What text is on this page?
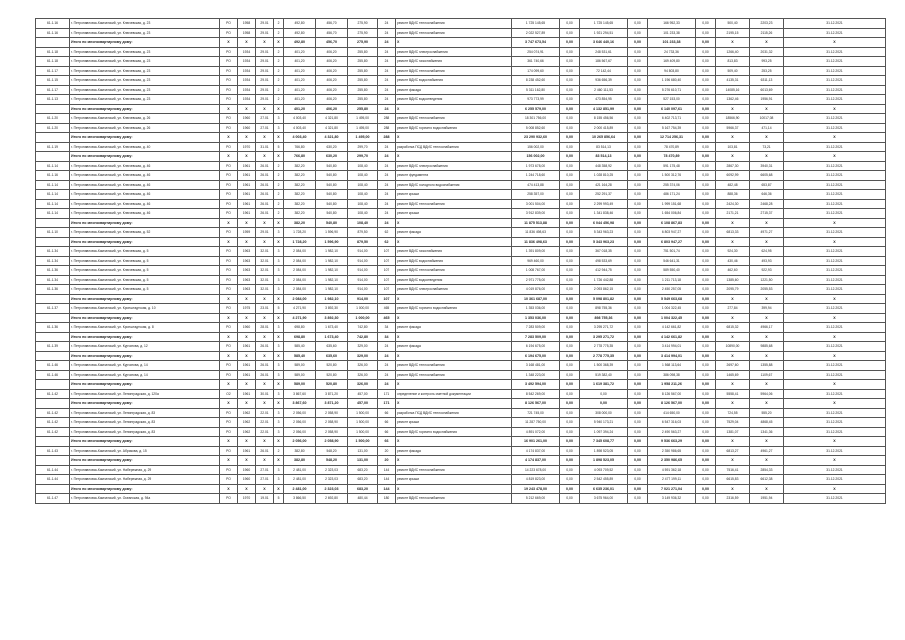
61.1.16	г. Петропавловск-Камчатский, ул. Ключевская, д. 23	РО	1958	29.01	2	492,80	456,70	275,90	24	ремонт ВДИС теплоснабжения	1 725 145,65	0,00	1 725 145,65	0,00	166 952,33	0,00	500,40	2203,23	31.12.2021
61.1.16	г. Петропавловск-Камчатский, ул. Ключевская, д. 23	РО	1958	29.01	2	492,80	456,70	275,90	24	ремонт ВДИС теплоснабжения	2 022 527,89	0,00	1 921 294,51	0,00	101 233,38	0,00	2195,15	2115,26	31.12.2021
	Итого по многоквартирному дому:	Х	Х	Х	Х	492,80	456,70	275,90	24	Х	3 747 673,54	0,00	3 646 440,16	0,00	101 233,38	0,00	Х	Х	Х
61.1.18	г. Петропавловск-Камчатский, ул. Ключевская, д. 23	РО	1934	29.01	2	401,20	406,20	255,80	24	ремонт ВДИС электроснабжения	254 074,91	0,00	248 531,61	0,00	24 733,36	0,00	1266,40	2031,32	31.12.2021
61.1.18	г. Петропавловск-Камчатский, ул. Ключевская, д. 23	РО	1934	29.01	2	401,20	406,20	255,80	24	ремонт ВДИС газоснабжения	361 740,66	0,00	186 567,67	0,00	169 409,80	0,00	813,83	993,25	31.12.2021
61.1.17	г. Петропавловск-Камчатский, ул. Ключевская, д. 23	РО	1934	29.01	2	401,20	406,20	255,80	24	ремонт ВДИС теплоснабжения	174 099,60	0,00	72 142,44	0,00	94 803,80	0,00	509,40	253,25	31.12.2021
61.1.15	г. Петропавловск-Камчатский, ул. Ключевская, д. 23	РО	1934	29.01	2	401,20	406,20	255,80	24	ремонт ВДИС водоснабжения	8 238 452,60	0,00	936 656,39	0,00	1 196 680,40	0,00	4135,31	6311,13	31.12.2021
61.1.17	г. Петропавловск-Камчатский, ул. Ключевская, д. 23	РО	1934	29.01	2	401,20	406,20	255,80	24	ремонт фасада	5 311 162,80	0,00	2 460 111,53	0,00	5 276 610,71	0,00	14085,16	6013,69	31.12.2021
61.1.13	г. Петропавловск-Камчатский, ул. Ключевская, д. 23	РО	1934	29.01	2	401,20	406,20	255,80	24	ремонт ВДИС водоотведения	973 773,99	0,00	473 854,95	0,00	527 153,00	0,00	1362,46	1956,91	31.12.2021
	Итого по многоквартирному дому:	Х	Х	Х	Х	401,20	406,20	255,80	24	Х	6 255 579,00	0,00	4 132 851,99	0,00	6 140 097,61	0,00	Х	Х	Х
61.1.20	г. Петропавловск-Камчатский, ул. Ключевская, д. 26	РО	1960	27.01	3	4 003,40	4 321,80	1 495,00	288	ремонт ВДИС теплоснабжения	18 301 756,00	0,00	8 155 456,56	0,00	6 402 713,71	0,00	18566,90	10017,08	31.12.2021
61.1.20	г. Петропавловск-Камчатский, ул. Ключевская, д. 26	РО	1960	27.01	3	4 003,40	4 321,80	1 495,00	288	ремонт ВДИС горячего водоснабжения	5 008 852,60	0,00	2 000 415,89	0,00	5 167 754,39	0,00	5966,37	471,14	31.12.2021
	Итого по многоквартирному дому:	Х	Х	Х	Х	4 003,40	4 321,80	1 495,00	288	Х	23 290 932,60	0,00	10 265 856,64	0,00	12 714 256,31	0,00	Х	Х	Х
61.1.19	г. Петропавловск-Камчатский, ул. Ключевская, д. 40	РО	1970	31.01	5	766,80	630,20	299,70	24	разработка ПСД ВДИС теплоснабжения	156 002,00	0,00	83 514,13	0,00	78 470,89	0,00	103,81	73,21	31.12.2021
	Итого по многоквартирному дому:	Х	Х	Х	Х	766,80	630,20	299,70	24	Х	156 002,00	0,00	83 514,13	0,00	78 470,89	0,00	Х	Х	Х
61.1.14	г. Петропавловск-Камчатский, ул. Ключевская, д. 46	РО	1961	26.01	2	382,20	540,80	108,40	24	ремонт ВДИС электроснабжения	1 973 678,00	0,00	448 358,92	0,00	591 175,48	0,00	2867,30	3940,31	31.12.2021
61.1.16	г. Петропавловск-Камчатский, ул. Ключевская, д. 46	РО	1961	26.01	2	382,20	540,80	108,40	24	ремонт фундамента	1 244 718,60	0,00	1 028 810,25	0,00	1 500 312,76	0,00	6092,99	6605,68	31.12.2021
61.1.14	г. Петропавловск-Камчатский, ул. Ключевская, д. 46	РО	1961	26.01	2	382,20	540,80	108,40	24	ремонт ВДИС холодного водоснабжения	474 413,88	0,00	421 164,28	0,00	255 374,06	0,00	482,48	653,87	31.12.2021
61.1.14	г. Петропавловск-Камчатский, ул. Ключевская, д. 46	РО	1961	26.01	2	382,20	540,80	108,40	24	ремонт крыши	258 357,00	0,00	252 291,37	0,00	486 171,24	0,00	888,36	646,36	31.12.2021
61.1.14	г. Петропавловск-Камчатский, ул. Ключевская, д. 46	РО	1961	26.01	2	382,20	540,80	108,40	24	ремонт ВДИС теплоснабжения	3 001 504,00	0,00	2 299 993,49	0,00	1 999 151,68	0,00	2424,30	2468,28	31.12.2021
61.1.14	г. Петропавловск-Камчатский, ул. Ключевская, д. 46	РО	1961	26.01	2	382,20	540,80	108,40	24	ремонт крыши	3 912 839,00	0,00	1 341 838,46	0,00	1 654 006,84	0,00	2171,21	2715,37	31.12.2021
	Итого по многоквартирному дому:	Х	Х	Х	Х	382,20	540,80	108,40	24	Х	11 875 513,88	0,00	6 044 456,98	0,00	6 108 867,83	0,00	Х	Х	Х
61.1.10	г. Петропавловск-Камчатский, ул. Ключевская, д. 52	РО	1959	29.01	3	1 728,20	1 596,90	879,50	62	ремонт фасада	11 836 498,63	0,00	5 343 963,23	0,00	6 803 947,27	0,00	6813,33	4971,27	31.12.2021
	Итого по многоквартирному дому:	Х	Х	Х	Х	1 728,20	1 596,90	879,50	62	Х	11 836 498,63	0,00	5 343 963,23	0,00	6 803 947,27	0,00	Х	Х	Х
61.1.34	г. Петропавловск-Камчатский, ул. Ключевская, д. 5	РО	1963	32.01	3	2 084,00	1 982,10	914,00	107	ремонт ВДИС газоснабжения	1 391 809,00	0,00	367 018,35	0,00	751 501,74	0,00	924,30	624,95	31.12.2021
61.1.34	г. Петропавловск-Камчатский, ул. Ключевская, д. 5	РО	1963	32.01	3	2 084,00	1 982,10	914,00	107	ремонт ВДИС водоснабжения	969 460,00	0,00	498 533,69	0,00	546 641,31	0,00	430,46	493,93	31.12.2021
61.1.36	г. Петропавловск-Камчатский, ул. Ключевская, д. 5	РО	1963	32.01	3	2 084,00	1 982,10	914,00	107	ремонт ВДИС теплоснабжения	1 008 767,00	0,00	412 944,75	0,00	589 550,40	0,00	462,60	922,93	31.12.2021
61.1.34	г. Петропавловск-Камчатский, ул. Ключевская, д. 5	РО	1963	32.01	3	2 084,00	1 982,10	914,00	107	ремонт ВДИС водоотведения	2 971 775,00	0,00	1 726 442,88	0,00	1 211 713,18	0,00	1385,60	1221,50	31.12.2021
61.1.36	г. Петропавловск-Камчатский, ул. Ключевская, д. 5	РО	1963	32.01	3	2 084,00	1 982,10	914,00	107	ремонт ВДИС электроснабжения	4 019 876,00	0,00	2 093 862,15	0,00	2 450 257,05	0,00	2095,79	2055,53	31.12.2021
	Итого по многоквартирному дому:	Х	Х	Х	Х	2 084,00	1 982,10	914,00	107	Х	10 361 687,00	0,00	5 098 801,82	0,00	5 549 663,68	0,00	Х	Х	Х
61.1.37	г. Петропавловск-Камчатский, ул. Кронштадтская, д. 10	РО	1975	23.01	5	4 271,90	3 892,30	1 000,00	465	ремонт ВДИС горячего водоснабжения	1 353 036,00	0,00	898 755,36	0,00	1 004 322,45	0,00	277,84	399,94	31.12.2021
	Итого по многоквартирному дому:	Х	Х	Х	Х	4 271,90	3 892,30	1 000,00	465	Х	1 353 036,00	0,00	898 755,36	0,00	1 004 322,45	0,00	Х	Х	Х
61.1.36	г. Петропавловск-Камчатский, ул. Кронштадтская, д. 8	РО	1960	28.01	3	698,80	1 673,40	742,80	34	ремонт фасада	7 283 509,00	0,00	3 295 271,72	0,00	4 142 661,82	0,00	6815,32	4966,17	31.12.2021
	Итого по многоквартирному дому:	Х	Х	Х	Х	698,80	1 673,40	742,80	34	Х	7 283 509,00	0,00	3 295 271,72	0,00	4 142 661,82	0,00	Х	Х	Х
61.1.39	г. Петропавловск-Камчатский, ул. Курчатова, д. 12	РО	1961	26.01	3	585,40	635,60	329,00	24	ремонт фасада	6 194 675,00	0,00	2 778 775,35	0,00	3 414 994,01	0,00	10890,00	9885,68	31.12.2021
	Итого по многоквартирному дому:	Х	Х	Х	Х	585,40	635,60	329,00	24	Х	6 194 675,00	0,00	2 778 775,35	0,00	3 414 994,01	0,00	Х	Х	Х
61.1.46	г. Петропавловск-Камчатский, ул. Курчатова, д. 14	РО	1961	26.01	3	589,00	520,80	326,00	24	ремонт ВДИС теплоснабжения	3 168 481,00	0,00	1 500 368,39	0,00	1 568 113,64	0,00	2697,60	1355,88	31.12.2021
61.1.46	г. Петропавловск-Камчатский, ул. Курчатова, д. 14	РО	1961	26.01	3	589,00	520,80	326,00	24	ремонт ВДИС теплоснабжения	1 348 223,00	0,00	519 382,40	0,00	386 098,38	0,00	1465,69	1109,67	31.12.2021
	Итого по многоквартирному дому:	Х	Х	Х	Х	589,00	520,80	326,00	24	Х	3 492 594,00	0,00	1 619 381,72	0,00	1 958 211,26	0,00	Х	Х	Х
61.1.42	г. Петропавловск-Камчатский, ул. Ленинградская, д. 120а	О2	1961	30.01	3	3 867,60	3 871,20	457,00	171	определение и контроль сметной документации	8 542 269,00	0,00	0,00	0,00	8 126 567,00	0,00	5558,41	5964,06	31.12.2021
	Итого по многоквартирному дому:	Х	Х	Х	Х	3 867,60	3 871,20	457,00	171	Х	8 126 567,00	0,00	0,00	0,00	8 126 567,00	0,00	Х	Х	Х
61.1.42	г. Петропавловск-Камчатский, ул. Ленинградская, д. 83	РО	1962	22.01	3	2 056,00	2 058,90	1 500,00	66	разработка ПСД ВДИС теплоснабжения	721 745,00	0,00	308 000,00	0,00	414 650,00	0,00	724,55	555,20	31.12.2021
61.1.42	г. Петропавловск-Камчатский, ул. Ленинградская, д. 83	РО	1962	22.01	3	2 056,00	2 058,90	1 500,00	66	ремонт крыши	11 287 750,00	0,00	5 940 173,21	0,00	6 547 316,03	0,00	7529,04	4868,45	31.12.2021
61.1.42	г. Петропавловск-Камчатский, ул. Ленинградская, д. 83	РО	1962	22.01	3	2 056,00	2 058,90	1 500,00	66	ремонт ВДИС горячего водоснабжения	4 891 072,00	0,00	1 097 394,24	0,00	2 490 563,27	0,00	1381,07	1341,36	31.12.2021
	Итого по многоквартирному дому:	Х	Х	Х	Х	2 056,00	2 058,90	1 500,00	66	Х	16 901 261,00	0,00	7 345 608,77	0,00	9 536 663,29	0,00	Х	Х	Х
61.1.43	г. Петропавловск-Камчатский, ул. Абрикова, д. 15	РО	1961	26.01	2	382,80	548,20	131,00	20	ремонт фасада	4 174 837,00	0,00	1 898 523,05	0,00	2 350 986,65	0,00	6813,27	4961,27	31.12.2021
	Итого по многоквартирному дому:	Х	Х	Х	Х	382,80	548,20	131,00	20	Х	4 174 837,00	0,00	1 898 523,05	0,00	2 350 986,65	0,00	Х	Х	Х
61.1.44	г. Петропавловск-Камчатский, ул. Набережная, д. 29	РО	1960	27.01	3	2 481,00	2 323,03	683,20	144	ремонт ВДИС теплоснабжения	14 223 678,00	0,00	4 093 709,52	0,00	4 591 362,18	0,00	7516,41	2854,33	31.12.2021
61.1.44	г. Петропавловск-Камчатский, ул. Набережная, д. 29	РО	1960	27.01	3	2 481,00	2 323,03	683,20	144	ремонт крыши	4 819 823,00	0,00	2 542 455,89	0,00	2 477 199,11	0,00	6615,83	6612,38	31.12.2021
	Итого по многоквартирному дому:	Х	Х	Х	Х	2 481,00	2 323,03	683,20	144	Х	19 243 478,00	0,00	6 635 236,01	0,00	7 021 271,04	0,00	Х	Х	Х
61.1.47	г. Петропавловск-Камчатский, ул. Океанская, д. 94а	РО	1970	19.01	5	3 866,50	2 692,80	480,44	180	ремонт ВДИС теплоснабжения	5 212 669,00	0,00	3 675 964,00	0,00	3 149 936,32	0,00	2316,59	1951,94	31.12.2021
